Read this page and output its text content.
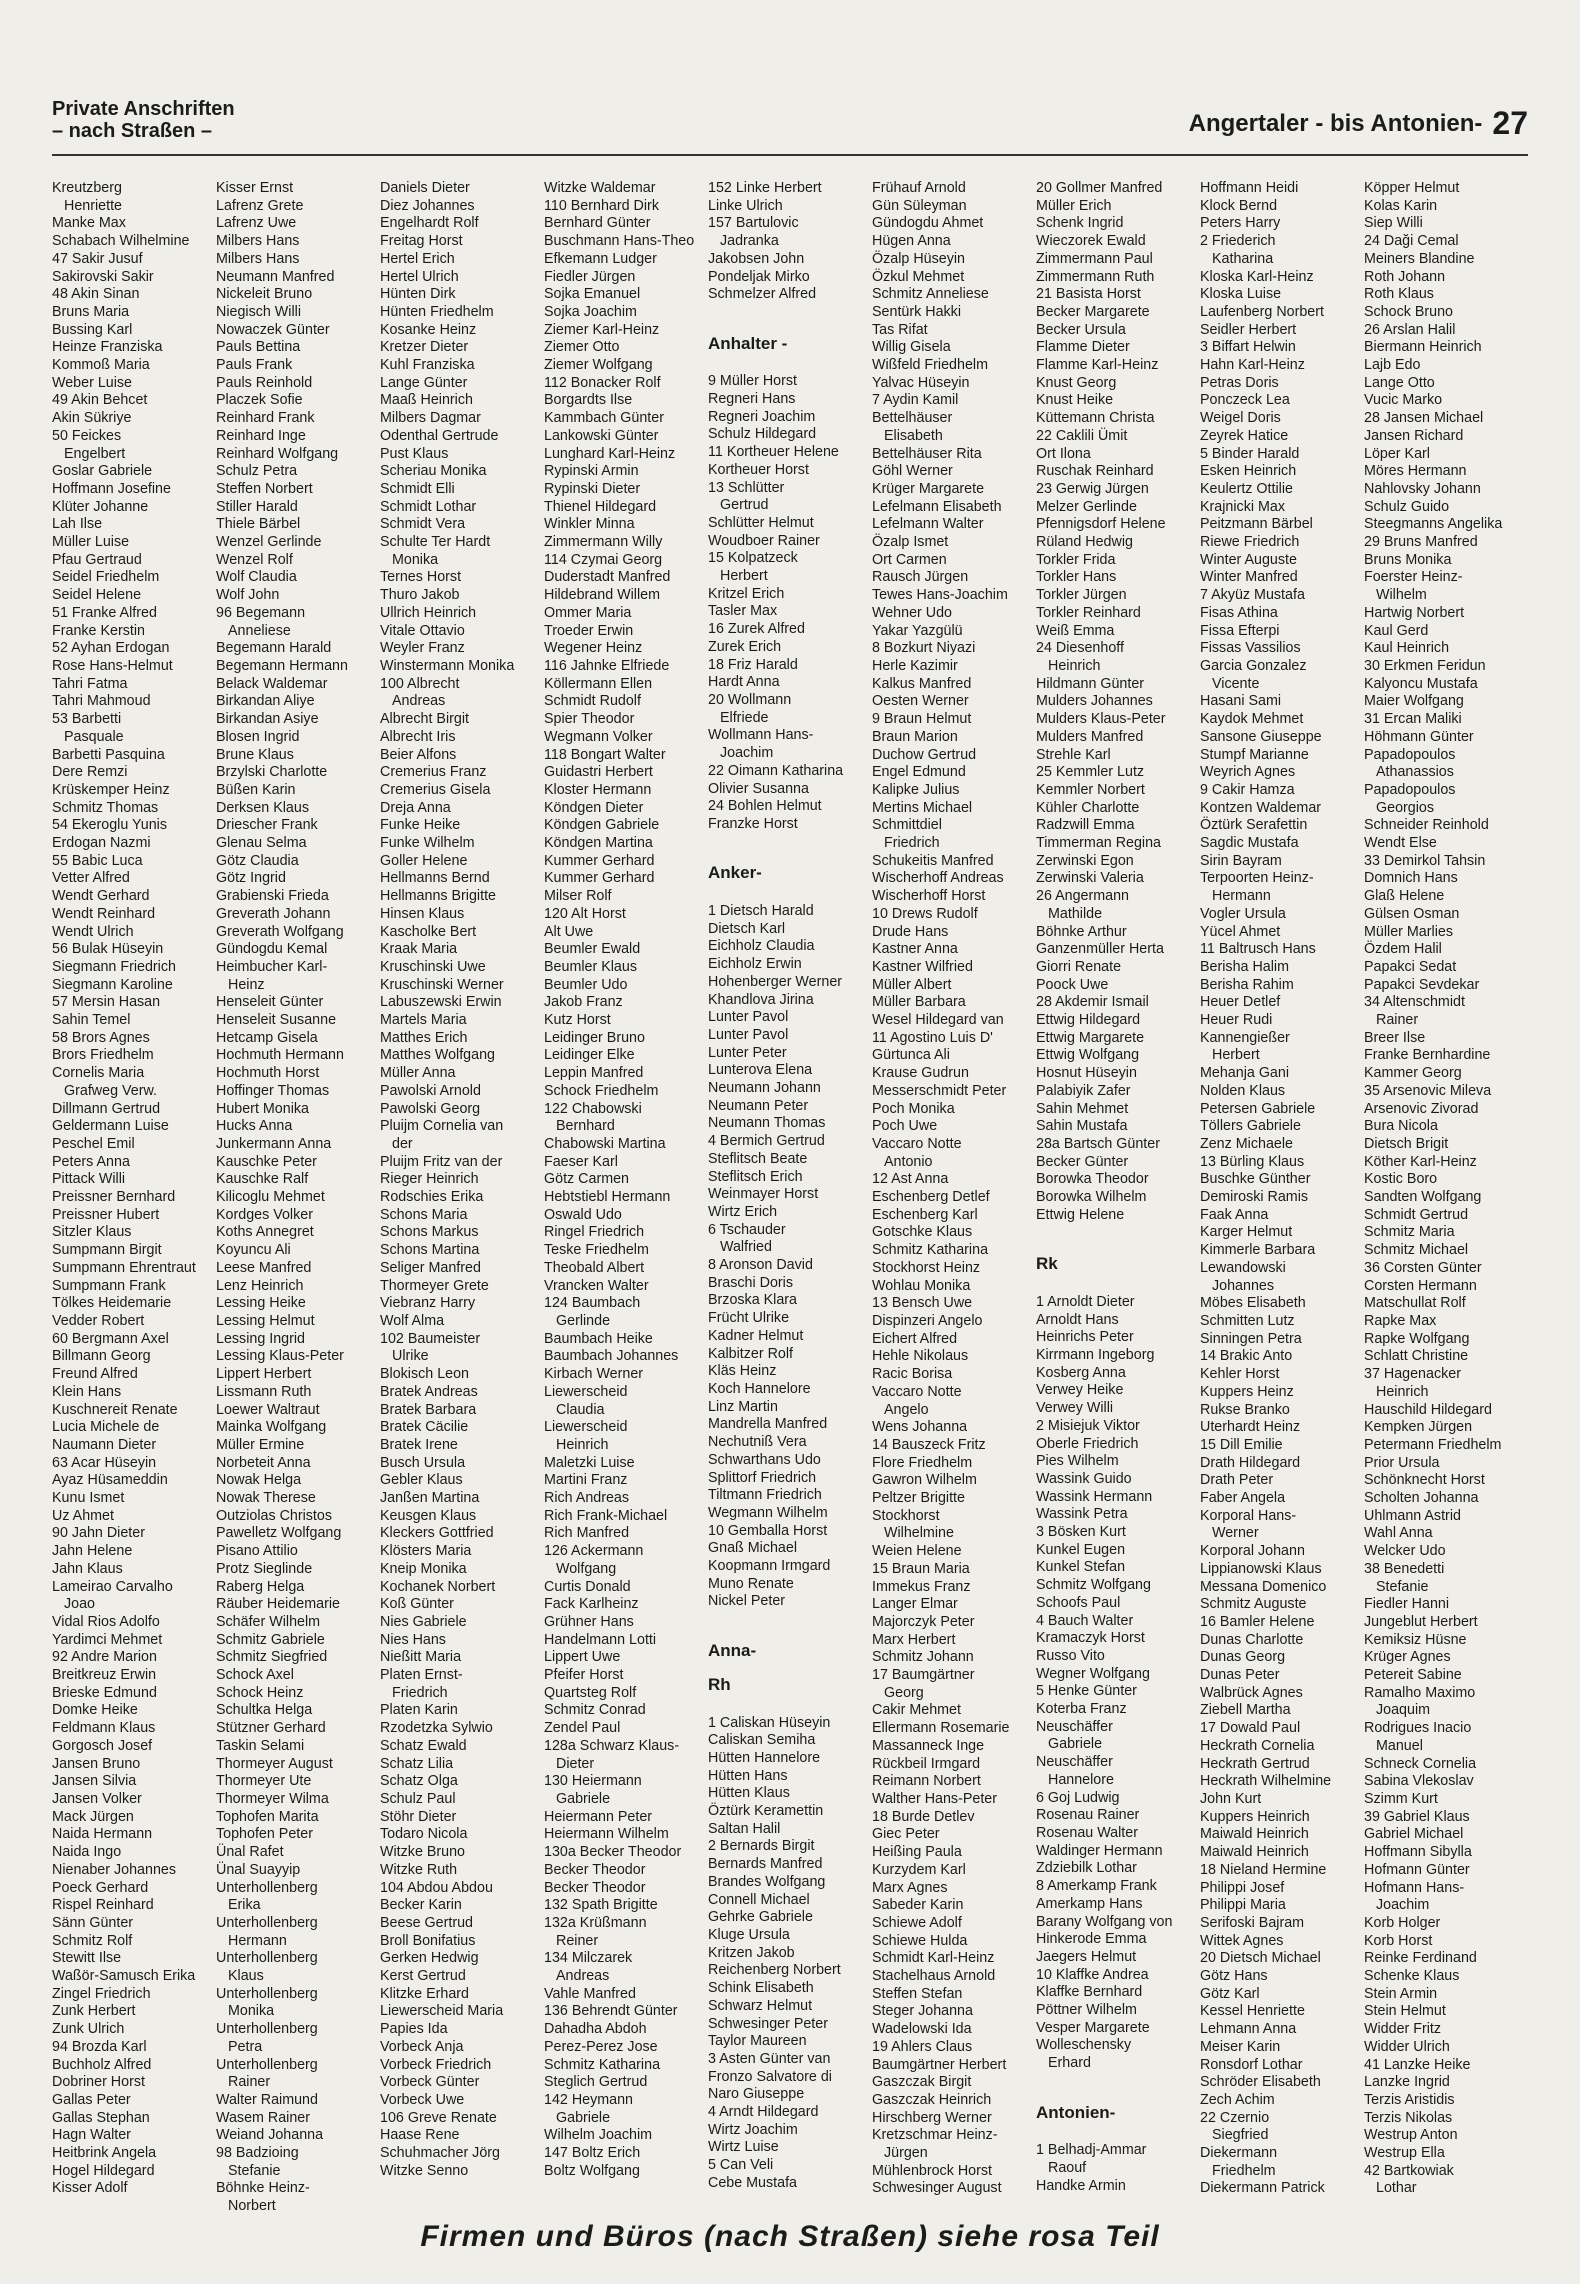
Private Anschriften
– nach Straßen –	Angertaler - bis Antonien- 27
Kreutzberg
Henriette
Manke Max
Schabach Wilhelmine
47 Sakir Jusuf
Sakirovski Sakir
48 Akin Sinan
Bruns Maria
Bussing Karl
Heinze Franziska
Kommoß Maria
Weber Luise
49 Akin Behcet
Akin Sükriye
50 Feickes
Engelbert
Goslar Gabriele
Hoffmann Josefine
Klüter Johanne
Lah Ilse
Müller Luise
Pfau Gertraud
Seidel Friedhelm
Seidel Helene
51 Franke Alfred
Franke Kerstin
52 Ayhan Erdogan
Rose Hans-Helmut
Tahri Fatma
Tahri Mahmoud
53 Barbetti
Pasquale
Barbetti Pasquina
Dere Remzi
Krüskemper Heinz
Schmitz Thomas
54 Ekeroglu Yunis
Erdogan Nazmi
55 Babic Luca
Vetter Alfred
Wendt Gerhard
Wendt Reinhard
Wendt Ulrich
56 Bulak Hüseyin
Siegmann Friedrich
Siegmann Karoline
57 Mersin Hasan
Sahin Temel
58 Brors Agnes
Brors Friedhelm
Cornelis Maria
Grafweg Verw.
Dillmann Gertrud
Geldermann Luise
Peschel Emil
Peters Anna
Pittack Willi
Preissner Bernhard
Preissner Hubert
Sitzler Klaus
Sumpmann Birgit
Sumpmann Ehrentraut
Sumpmann Frank
Tölkes Heidemarie
Vedder Robert
60 Bergmann Axel
Billmann Georg
Freund Alfred
Klein Hans
Kuschnereit Renate
Lucia Michele de
Naumann Dieter
63 Acar Hüseyin
Ayaz Hüsameddin
Kunu Ismet
Uz Ahmet
90 Jahn Dieter
Jahn Helene
Jahn Klaus
Lameirao Carvalho
Joao
Vidal Rios Adolfo
Yardimci Mehmet
92 Andre Marion
Breitkreuz Erwin
Brieske Edmund
Domke Heike
Feldmann Klaus
Gorgosch Josef
Jansen Bruno
Jansen Silvia
Jansen Volker
Mack Jürgen
Naida Hermann
Naida Ingo
Nienaber Johannes
Poeck Gerhard
Rispel Reinhard
Sänn Günter
Schmitz Rolf
Stewitt Ilse
Waßör-Samusch Erika
Zingel Friedrich
Zunk Herbert
Zunk Ulrich
94 Brozda Karl
Buchholz Alfred
Dobriner Horst
Gallas Peter
Gallas Stephan
Hagn Walter
Heitbrink Angela
Hogel Hildegard
Kisser Adolf
Kisser Ernst
Lafrenz Grete
Lafrenz Uwe
Milbers Hans
Milbers Hans
Neumann Manfred
Nickeleit Bruno
Niegisch Willi
Nowaczek Günter
Pauls Bettina
Pauls Frank
Pauls Reinhold
Placzek Sofie
Reinhard Frank
Reinhard Inge
Reinhard Wolfgang
Schulz Petra
Steffen Norbert
Stiller Harald
Thiele Bärbel
Wenzel Gerlinde
Wenzel Rolf
Wolf Claudia
Wolf John
96 Begemann
Anneliese
Begemann Harald
Begemann Hermann
Belack Waldemar
Birkandan Aliye
Birkandan Asiye
Blosen Ingrid
Brune Klaus
Brzylski Charlotte
Büßen Karin
Derksen Klaus
Driescher Frank
Glenau Selma
Götz Claudia
Götz Ingrid
Grabienski Frieda
Greverath Johann
Greverath Wolfgang
Gündogdu Kemal
Heimbucher Karl-
Heinz
Henseleit Günter
Henseleit Susanne
Hetcamp Gisela
Hochmuth Hermann
Hochmuth Horst
Hoffinger Thomas
Hubert Monika
Hucks Anna
Junkermann Anna
Kauschke Peter
Kauschke Ralf
Kilicoglu Mehmet
Kordges Volker
Koths Annegret
Koyuncu Ali
Leese Manfred
Lenz Heinrich
Lessing Heike
Lessing Helmut
Lessing Ingrid
Lessing Klaus-Peter
Lippert Herbert
Lissmann Ruth
Loewer Waltraut
Mainka Wolfgang
Müller Ermine
Norbeteit Anna
Nowak Helga
Nowak Therese
Outziolas Christos
Pawelletz Wolfgang
Pisano Attilio
Protz Sieglinde
Raberg Helga
Räuber Heidemarie
Schäfer Wilhelm
Schmitz Gabriele
Schmitz Siegfried
Schock Axel
Schock Heinz
Schultka Helga
Stützner Gerhard
Taskin Selami
Thormeyer August
Thormeyer Ute
Thormeyer Wilma
Tophofen Marita
Tophofen Peter
Ünal Rafet
Ünal Suayyip
Unterhollenberg
Erika
Unterhollenberg
Hermann
Unterhollenberg
Klaus
Unterhollenberg
Monika
Unterhollenberg
Petra
Unterhollenberg
Rainer
Walter Raimund
Wasem Rainer
Weiand Johanna
98 Badzioing
Stefanie
Böhnke Heinz-
Norbert
Daniels Dieter
Diez Johannes
Engelhardt Rolf
Freitag Horst
Hertel Erich
Hertel Ulrich
Hünten Dirk
Hünten Friedhelm
Kosanke Heinz
Kretzer Dieter
Kuhl Franziska
Lange Günter
Maaß Heinrich
Milbers Dagmar
Odenthal Gertrude
Pust Klaus
Scheriau Monika
Schmidt Elli
Schmidt Lothar
Schmidt Vera
Schulte Ter Hardt
Monika
Ternes Horst
Thuro Jakob
Ullrich Heinrich
Vitale Ottavio
Weyler Franz
Winstermann Monika
100 Albrecht
Andreas
Albrecht Birgit
Albrecht Iris
Beier Alfons
Cremerius Franz
Cremerius Gisela
Dreja Anna
Funke Heike
Funke Wilhelm
Goller Helene
Hellmanns Bernd
Hellmanns Brigitte
Hinsen Klaus
Kascholke Bert
Kraak Maria
Kruschinski Uwe
Kruschinski Werner
Labuszewski Erwin
Martels Maria
Matthes Erich
Matthes Wolfgang
Müller Anna
Pawolski Arnold
Pawolski Georg
Pluijm Cornelia van
der
Pluijm Fritz van der
Rieger Heinrich
Rodschies Erika
Schons Maria
Schons Markus
Schons Martina
Seliger Manfred
Thormeyer Grete
Viebranz Harry
Wolf Alma
102 Baumeister
Ulrike
Blokisch Leon
Bratek Andreas
Bratek Barbara
Bratek Cäcilie
Bratek Irene
Busch Ursula
Gebler Klaus
Janßen Martina
Keusgen Klaus
Kleckers Gottfried
Klösters Maria
Kneip Monika
Kochanek Norbert
Koß Günter
Nies Gabriele
Nies Hans
Nießitt Maria
Platen Ernst-
Friedrich
Platen Karin
Rzodetzka Sylwio
Schatz Ewald
Schatz Lilia
Schatz Olga
Schulz Paul
Stöhr Dieter
Todaro Nicola
Witzke Bruno
Witzke Ruth
104 Abdou Abdou
Becker Karin
Beese Gertrud
Broll Bonifatius
Gerken Hedwig
Kerst Gertrud
Klitzke Erhard
Liewerscheid Maria
Papies Ida
Vorbeck Anja
Vorbeck Friedrich
Vorbeck Günter
Vorbeck Uwe
106 Greve Renate
Haase Rene
Schuhmacher Jörg
Witzke Senno
Witzke Waldemar
110 Bernhard Dirk
Bernhard Günter
Buschmann Hans-Theo
Efkemann Ludger
Fiedler Jürgen
Sojka Emanuel
Sojka Joachim
Ziemer Karl-Heinz
Ziemer Otto
Ziemer Wolfgang
112 Bonacker Rolf
Borgardts Ilse
Kammbach Günter
Lankowski Günter
Lunghard Karl-Heinz
Rypinski Armin
Rypinski Dieter
Thienel Hildegard
Winkler Minna
Zimmermann Willy
114 Czymai Georg
Duderstadt Manfred
Hildebrand Willem
Ommer Maria
Troeder Erwin
Wegener Heinz
116 Jahnke Elfriede
Köllermann Ellen
Schmidt Rudolf
Spier Theodor
Wegmann Volker
118 Bongart Walter
Guidastri Herbert
Kloster Hermann
Köndgen Dieter
Köndgen Gabriele
Köndgen Martina
Kummer Gerhard
Kummer Gerhard
Milser Rolf
120 Alt Horst
Alt Uwe
Beumler Ewald
Beumler Klaus
Beumler Udo
Jakob Franz
Kutz Horst
Leidinger Bruno
Leidinger Elke
Leppin Manfred
Schock Friedhelm
122 Chabowski
Bernhard
Chabowski Martina
Faeser Karl
Götz Carmen
Hebtstiebl Hermann
Oswald Udo
Ringel Friedrich
Teske Friedhelm
Theobald Albert
Vrancken Walter
124 Baumbach
Gerlinde
Baumbach Heike
Baumbach Johannes
Kirbach Werner
Liewerscheid
Claudia
Liewerscheid
Heinrich
Maletzki Luise
Martini Franz
Rich Andreas
Rich Frank-Michael
Rich Manfred
126 Ackermann
Wolfgang
Curtis Donald
Fack Karlheinz
Grühner Hans
Handelmann Lotti
Lippert Uwe
Pfeifer Horst
Quartsteg Rolf
Schmitz Conrad
Zendel Paul
128a Schwarz Klaus-
Dieter
130 Heiermann
Gabriele
Heiermann Peter
Heiermann Wilhelm
130a Becker Theodor
Becker Theodor
Becker Theodor
132 Spath Brigitte
132a Krüßmann
Reiner
134 Milczarek
Andreas
Vahle Manfred
136 Behrendt Günter
Dahadha Abdoh
Perez-Perez Jose
Schmitz Katharina
Steglich Gertrud
142 Heymann
Gabriele
Wilhelm Joachim
147 Boltz Erich
Boltz Wolfgang
152 Linke Herbert
Linke Ulrich
157 Bartulovic
Jadranka
Jakobsen John
Pondeljak Mirko
Schmelzer Alfred

Anhalter -

9 Müller Horst
Regneri Hans
Regneri Joachim
Schulz Hildegard
11 Kortheuer Helene
Kortheuer Horst
13 Schlütter
Gertrud
Schlütter Helmut
Woudboer Rainer
15 Kolpatzeck
Herbert
Kritzel Erich
Tasler Max
16 Zurek Alfred
Zurek Erich
18 Friz Harald
Hardt Anna
20 Wollmann
Elfriede
Wollmann Hans-
Joachim
22 Oimann Katharina
Olivier Susanna
24 Bohlen Helmut
Franzke Horst

Anker-

1 Dietsch Harald
Dietsch Karl
Eichholz Claudia
Eichholz Erwin
Hohenberger Werner
Khandlova Jirina
Lunter Pavol
Lunter Pavol
Lunter Peter
Lunterova Elena
Neumann Johann
Neumann Peter
Neumann Thomas
4 Bermich Gertrud
Steflitsch Beate
Steflitsch Erich
Weinmayer Horst
Wirtz Erich
6 Tschauder
Walfried
8 Aronson David
Braschi Doris
Brzoska Klara
Frücht Ulrike
Kadner Helmut
Kalbitzer Rolf
Kläs Heinz
Koch Hannelore
Linz Martin
Mandrella Manfred
Nechutniß Vera
Schwarthans Udo
Splittorf Friedrich
Tiltmann Friedrich
Wegmann Wilhelm
10 Gemballa Horst
Gnaß Michael
Koopmann Irmgard
Muno Renate
Nickel Peter

Anna-
Rh

1 Caliskan Hüseyin
Caliskan Semiha
Hütten Hannelore
Hütten Hans
Hütten Klaus
Öztürk Keramettin
Saltan Halil
2 Bernards Birgit
Bernards Manfred
Brandes Wolfgang
Connell Michael
Gehrke Gabriele
Kluge Ursula
Kritzen Jakob
Reichenberg Norbert
Schink Elisabeth
Schwarz Helmut
Schwesinger Peter
Taylor Maureen
3 Asten Günter van
Fronzo Salvatore di
Naro Giuseppe
4 Arndt Hildegard
Wirtz Joachim
Wirtz Luise
5 Can Veli
Cebe Mustafa
Frühauf Arnold
Gün Süleyman
Gündogdu Ahmet
Hügen Anna
Özalp Hüseyin
Özkul Mehmet
Schmitz Anneliese
Sentürk Hakki
Tas Rifat
Willig Gisela
Wißfeld Friedhelm
Yalvac Hüseyin
7 Aydin Kamil
Bettelhäuser
Elisabeth
Bettelhäuser Rita
Göhl Werner
Krüger Margarete
Lefelmann Elisabeth
Lefelmann Walter
Özalp Ismet
Ort Carmen
Rausch Jürgen
Tewes Hans-Joachim
Wehner Udo
Yakar Yazgülü
8 Bozkurt Niyazi
Herle Kazimir
Kalkus Manfred
Oesten Werner
9 Braun Helmut
Braun Marion
Duchow Gertrud
Engel Edmund
Kalipke Julius
Mertins Michael
Schmittdiel
Friedrich
Schukeitis Manfred
Wischerhoff Andreas
Wischerhoff Horst
10 Drews Rudolf
Drude Hans
Kastner Anna
Kastner Wilfried
Müller Albert
Müller Barbara
Wesel Hildegard van
11 Agostino Luis D'
Gürtunca Ali
Krause Gudrun
Messerschmidt Peter
Poch Monika
Poch Uwe
Vaccaro Notte
Antonio
12 Ast Anna
Eschenberg Detlef
Eschenberg Karl
Gotschke Klaus
Schmitz Katharina
Stockhorst Heinz
Wohlau Monika
13 Bensch Uwe
Dispinzeri Angelo
Eichert Alfred
Hehle Nikolaus
Racic Borisa
Vaccaro Notte
Angelo
Wens Johanna
14 Bauszeck Fritz
Flore Friedhelm
Gawron Wilhelm
Peltzer Brigitte
Stockhorst
Wilhelmine
Weien Helene
15 Braun Maria
Immekus Franz
Langer Elmar
Majorczyk Peter
Marx Herbert
Schmitz Johann
17 Baumgärtner
Georg
Cakir Mehmet
Ellermann Rosemarie
Massanneck Inge
Rückbeil Irmgard
Reimann Norbert
Walther Hans-Peter
18 Burde Detlev
Giec Peter
Heißing Paula
Kurzydem Karl
Marx Agnes
Sabeder Karin
Schiewe Adolf
Schiewe Hulda
Schmidt Karl-Heinz
Stachelhaus Arnold
Steffen Stefan
Steger Johanna
Wadelowski Ida
19 Ahlers Claus
Baumgärtner Herbert
Gaszczak Birgit
Gaszczak Heinrich
Hirschberg Werner
Kretzschmar Heinz-
Jürgen
Mühlenbrock Horst
Schwesinger August
20 Gollmer Manfred
Müller Erich
Schenk Ingrid
Wieczorek Ewald
Zimmermann Paul
Zimmermann Ruth
21 Basista Horst
Becker Margarete
Becker Ursula
Flamme Dieter
Flamme Karl-Heinz
Knust Georg
Knust Heike
Küttemann Christa
22 Caklili Ümit
Ort Ilona
Ruschak Reinhard
23 Gerwig Jürgen
Melzer Gerlinde
Pfennigsdorf Helene
Rüland Hedwig
Torkler Frida
Torkler Hans
Torkler Jürgen
Torkler Reinhard
Weiß Emma
24 Diesenhoff
Heinrich
Hildmann Günter
Mulders Johannes
Mulders Klaus-Peter
Mulders Manfred
Strehle Karl
25 Kemmler Lutz
Kemmler Norbert
Kühler Charlotte
Radzwill Emma
Timmerman Regina
Zerwinski Egon
Zerwinski Valeria
26 Angermann
Mathilde
Böhnke Arthur
Ganzenmüller Herta
Giorri Renate
Poock Uwe
28 Akdemir Ismail
Ettwig Hildegard
Ettwig Margarete
Ettwig Wolfgang
Hosnut Hüseyin
Palabiyik Zafer
Sahin Mehmet
Sahin Mustafa
28a Bartsch Günter
Becker Günter
Borowka Theodor
Borowka Wilhelm
Ettwig Helene

Rk

1 Arnoldt Dieter
Arnoldt Hans
Heinrichs Peter
Kirrmann Ingeborg
Kosberg Anna
Verwey Heike
Verwey Willi
2 Misiejuk Viktor
Oberle Friedrich
Pies Wilhelm
Wassink Guido
Wassink Hermann
Wassink Petra
3 Bösken Kurt
Kunkel Eugen
Kunkel Stefan
Schmitz Wolfgang
Schoofs Paul
4 Bauch Walter
Kramaczyk Horst
Russo Vito
Wegner Wolfgang
5 Henke Günter
Koterba Franz
Neuschäffer
Gabriele
Neuschäffer
Hannelore
6 Goj Ludwig
Rosenau Rainer
Rosenau Walter
Waldinger Hermann
Zdziebilk Lothar
8 Amerkamp Frank
Amerkamp Hans
Barany Wolfgang von
Hinkerode Emma
Jaegers Helmut
10 Klaffke Andrea
Klaffke Bernhard
Pöttner Wilhelm
Vesper Margarete
Wolleschensky
Erhard

Antonien-

1 Belhadj-Ammar
Raouf
Handke Armin
Hoffmann Heidi
Klock Bernd
Peters Harry
2 Friederich
Katharina
Kloska Karl-Heinz
Kloska Luise
Laufenberg Norbert
Seidler Herbert
3 Biffart Helwin
Hahn Karl-Heinz
Petras Doris
Ponczeck Lea
Weigel Doris
Zeyrek Hatice
5 Binder Harald
Esken Heinrich
Keulertz Ottilie
Krajnicki Max
Peitzmann Bärbel
Riewe Friedrich
Winter Auguste
Winter Manfred
7 Akyüz Mustafa
Fisas Athina
Fissa Efterpi
Fissas Vassilios
Garcia Gonzalez
Vicente
Hasani Sami
Kaydok Mehmet
Sansone Giuseppe
Stumpf Marianne
Weyrich Agnes
9 Cakir Hamza
Kontzen Waldemar
Öztürk Serafettin
Sagdic Mustafa
Sirin Bayram
Terpoorten Heinz-
Hermann
Vogler Ursula
Yücel Ahmet
11 Baltrusch Hans
Berisha Halim
Berisha Rahim
Heuer Detlef
Heuer Rudi
Kannengießer
Herbert
Mehanja Gani
Nolden Klaus
Petersen Gabriele
Töllers Gabriele
Zenz Michaele
13 Bürling Klaus
Buschke Günther
Demiroski Ramis
Faak Anna
Karger Helmut
Kimmerle Barbara
Lewandowski
Johannes
Möbes Elisabeth
Schmitten Lutz
Sinningen Petra
14 Brakic Anto
Kehler Horst
Kuppers Heinz
Rukse Branko
Uterhardt Heinz
15 Dill Emilie
Drath Hildegard
Drath Peter
Faber Angela
Korporal Hans-
Werner
Korporal Johann
Lippianowski Klaus
Messana Domenico
Schmitz Auguste
16 Bamler Helene
Dunas Charlotte
Dunas Georg
Dunas Peter
Walbrück Agnes
Ziebell Martha
17 Dowald Paul
Heckrath Cornelia
Heckrath Gertrud
Heckrath Wilhelmine
John Kurt
Kuppers Heinrich
Maiwald Heinrich
Maiwald Heinrich
18 Nieland Hermine
Philippi Josef
Philippi Maria
Serifoski Bajram
Wittek Agnes
20 Dietsch Michael
Götz Hans
Götz Karl
Kessel Henriette
Lehmann Anna
Meiser Karin
Ronsdorf Lothar
Schröder Elisabeth
Zech Achim
22 Czernio
Siegfried
Diekermann
Friedhelm
Diekermann Patrick
Köpper Helmut
Kolas Karin
Siep Willi
24 Daği Cemal
Meiners Blandine
Roth Johann
Roth Klaus
Schock Bruno
26 Arslan Halil
Biermann Heinrich
Lajb Edo
Lange Otto
Vucic Marko
28 Jansen Michael
Jansen Richard
Löper Karl
Möres Hermann
Nahlovsky Johann
Schulz Guido
Steegmanns Angelika
29 Bruns Manfred
Bruns Monika
Foerster Heinz-
Wilhelm
Hartwig Norbert
Kaul Gerd
Kaul Heinrich
30 Erkmen Feridun
Kalyoncu Mustafa
Maier Wolfgang
31 Ercan Maliki
Höhmann Günter
Papadopoulos
Athanassios
Papadopoulos
Georgios
Schneider Reinhold
Wendt Else
33 Demirkol Tahsin
Domnich Hans
Glaß Helene
Gülsen Osman
Müller Marlies
Özdem Halil
Papakci Sedat
Papakci Sevdekar
34 Altenschmidt
Rainer
Breer Ilse
Franke Bernhardine
Kammer Georg
35 Arsenovic Mileva
Arsenovic Zivorad
Bura Nicola
Dietsch Brigit
Köther Karl-Heinz
Kostic Boro
Sandten Wolfgang
Schmidt Gertrud
Schmitz Maria
Schmitz Michael
36 Corsten Günter
Corsten Hermann
Matschullat Rolf
Rapke Max
Rapke Wolfgang
Schlatt Christine
37 Hagenacker
Heinrich
Hauschild Hildegard
Kempken Jürgen
Petermann Friedhelm
Prior Ursula
Schönknecht Horst
Scholten Johanna
Uhlmann Astrid
Wahl Anna
Welcker Udo
38 Benedetti
Stefanie
Fiedler Hanni
Jungeblut Herbert
Kemiksiz Hüsne
Krüger Agnes
Petereit Sabine
Ramalho Maximo
Joaquim
Rodrigues Inacio
Manuel
Schneck Cornelia
Sabina Vlekoslav
Szimm Kurt
39 Gabriel Klaus
Gabriel Michael
Hoffmann Sibylla
Hofmann Günter
Hofmann Hans-
Joachim
Korb Holger
Korb Horst
Reinke Ferdinand
Schenke Klaus
Stein Armin
Stein Helmut
Widder Fritz
Widder Ulrich
41 Lanzke Heike
Lanzke Ingrid
Terzis Aristidis
Terzis Nikolas
Westrup Anton
Westrup Ella
42 Bartkowiak
Lothar
Firmen und Büros (nach Straßen) siehe rosa Teil
